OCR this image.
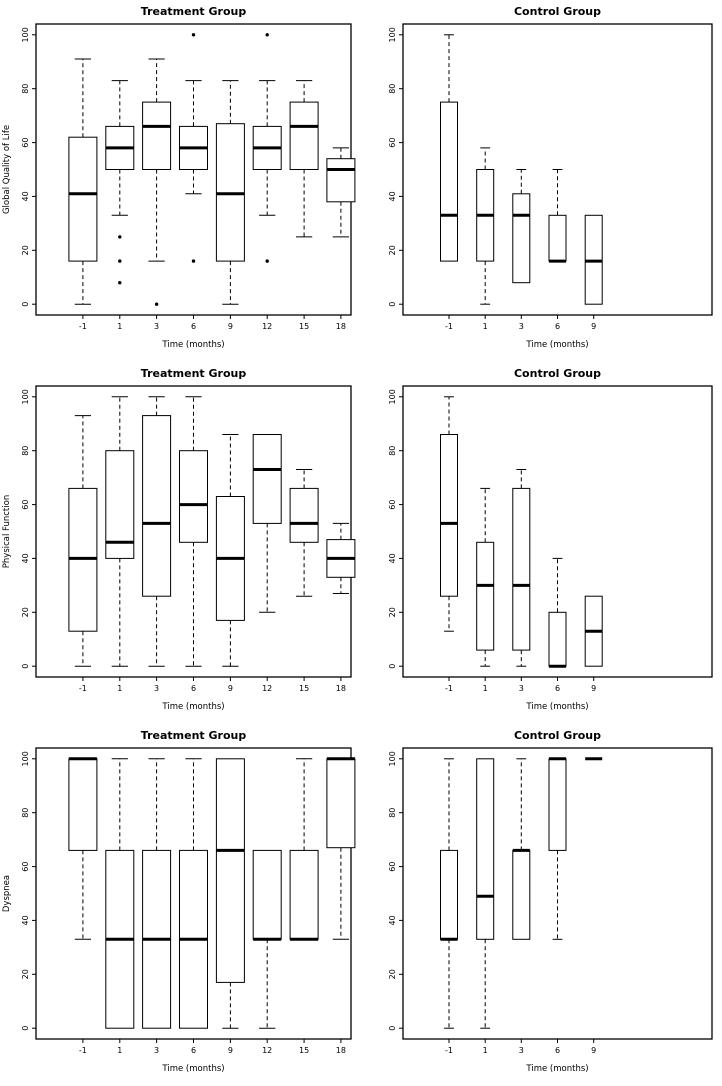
Treatment Group
0
20
40
60
80
100
Global Quality of Life
-1	1	3	6	9	12	15	18
Time (months)
Control Group
0
20
40
60
80
100
-1	1	3	6	9
Time (months)
Treatment Group
0
20
40
60
80
100
Physical Function
-1	1	3	6	9	12	15	18
Time (months)
Control Group
0
20
40
60
80
100
-1	1	3	6	9
Time (months)
Treatment Group
0
20
40
60
80
100
Dyspnea
-1	1	3	6	9	12	15	18
Time (months)
Control Group
0
20
40
60
80
100
-1	1	3	6	9
Time (months)
